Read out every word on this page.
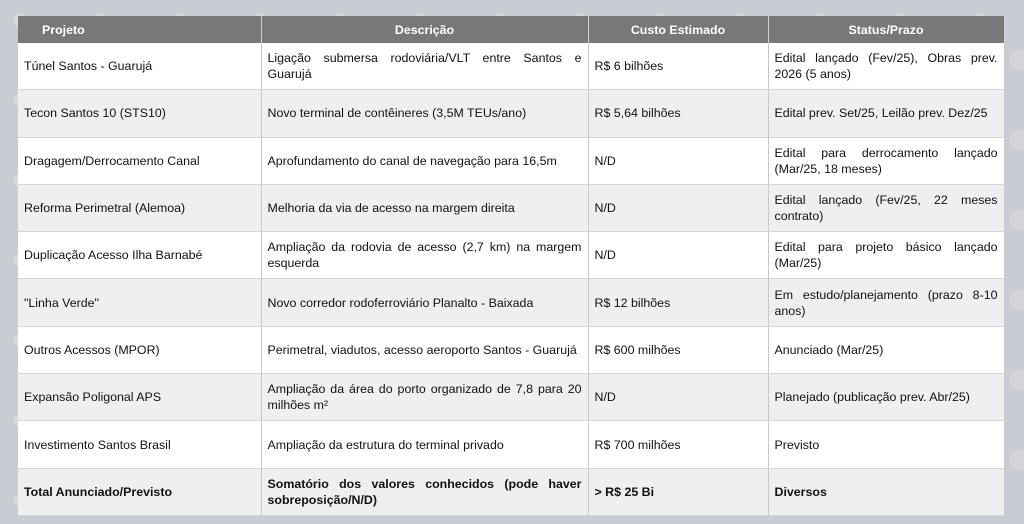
Projeto	Descrição	Custo Estimado	Status/Prazo
Túnel Santos - Guarujá	Ligação submersa rodoviária/VLT entre Santos e Guarujá	R$ 6 bilhões	Edital lançado (Fev/25), Obras prev. 2026 (5 anos)
Tecon Santos 10 (STS10)	Novo terminal de contêineres (3,5M TEUs/ano)	R$ 5,64 bilhões	Edital prev. Set/25, Leilão prev. Dez/25
Dragagem/Derrocamento Canal	Aprofundamento do canal de navegação para 16,5m	N/D	Edital para derrocamento lançado (Mar/25, 18 meses)
Reforma Perimetral (Alemoa)	Melhoria da via de acesso na margem direita	N/D	Edital lançado (Fev/25, 22 meses contrato)
Duplicação Acesso Ilha Barnabé	Ampliação da rodovia de acesso (2,7 km) na margem esquerda	N/D	Edital para projeto básico lançado (Mar/25)
"Linha Verde"	Novo corredor rodoferroviário Planalto - Baixada	R$ 12 bilhões	Em estudo/planejamento (prazo 8-10 anos)
Outros Acessos (MPOR)	Perimetral, viadutos, acesso aeroporto Santos - Guarujá	R$ 600 milhões	Anunciado (Mar/25)
Expansão Poligonal APS	Ampliação da área do porto organizado de 7,8 para 20 milhões m²	N/D	Planejado (publicação prev. Abr/25)
Investimento Santos Brasil	Ampliação da estrutura do terminal privado	R$ 700 milhões	Previsto
Total Anunciado/Previsto	Somatório dos valores conhecidos (pode haver sobreposição/N/D)	> R$ 25 Bi	Diversos
